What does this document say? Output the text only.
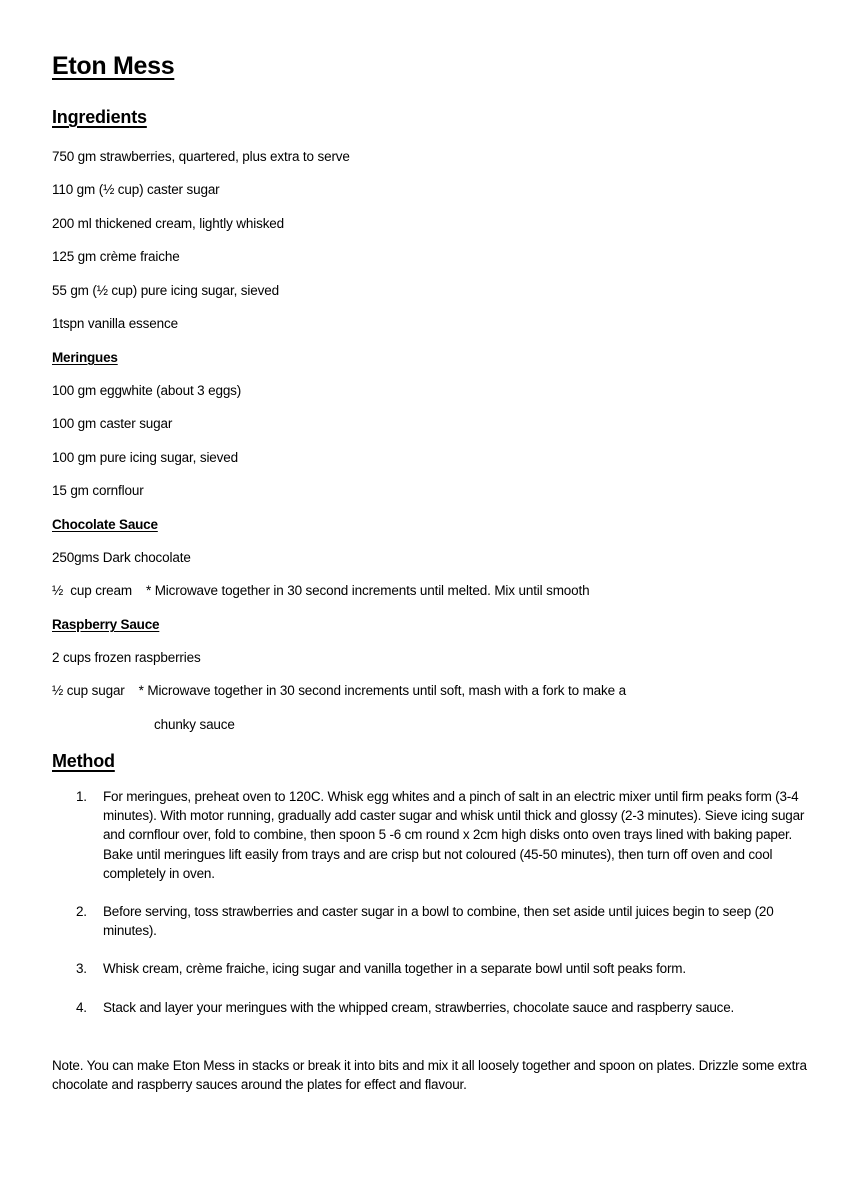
Eton Mess
Ingredients
750 gm strawberries, quartered, plus extra to serve
110 gm (½ cup) caster sugar
200 ml thickened cream, lightly whisked
125 gm crème fraiche
55 gm (½ cup) pure icing sugar, sieved
1tspn vanilla essence
Meringues
100 gm eggwhite (about 3 eggs)
100 gm caster sugar
100 gm pure icing sugar, sieved
15 gm cornflour
Chocolate Sauce
250gms Dark chocolate
½  cup cream * Microwave together in 30 second increments until melted. Mix until smooth
Raspberry Sauce
2 cups frozen raspberries
½ cup sugar * Microwave together in 30 second increments until soft, mash with a fork to make a
chunky sauce
Method
1. For meringues, preheat oven to 120C. Whisk egg whites and a pinch of salt in an electric mixer until firm peaks form (3-4 minutes). With motor running, gradually add caster sugar and whisk until thick and glossy (2-3 minutes). Sieve icing sugar and cornflour over, fold to combine, then spoon 5 -6 cm round x 2cm high disks onto oven trays lined with baking paper. Bake until meringues lift easily from trays and are crisp but not coloured (45-50 minutes), then turn off oven and cool completely in oven.
2. Before serving, toss strawberries and caster sugar in a bowl to combine, then set aside until juices begin to seep (20 minutes).
3. Whisk cream, crème fraiche, icing sugar and vanilla together in a separate bowl until soft peaks form.
4. Stack and layer your meringues with the whipped cream, strawberries, chocolate sauce and raspberry sauce.
Note. You can make Eton Mess in stacks or break it into bits and mix it all loosely together and spoon on plates. Drizzle some extra chocolate and raspberry sauces around the plates for effect and flavour.
